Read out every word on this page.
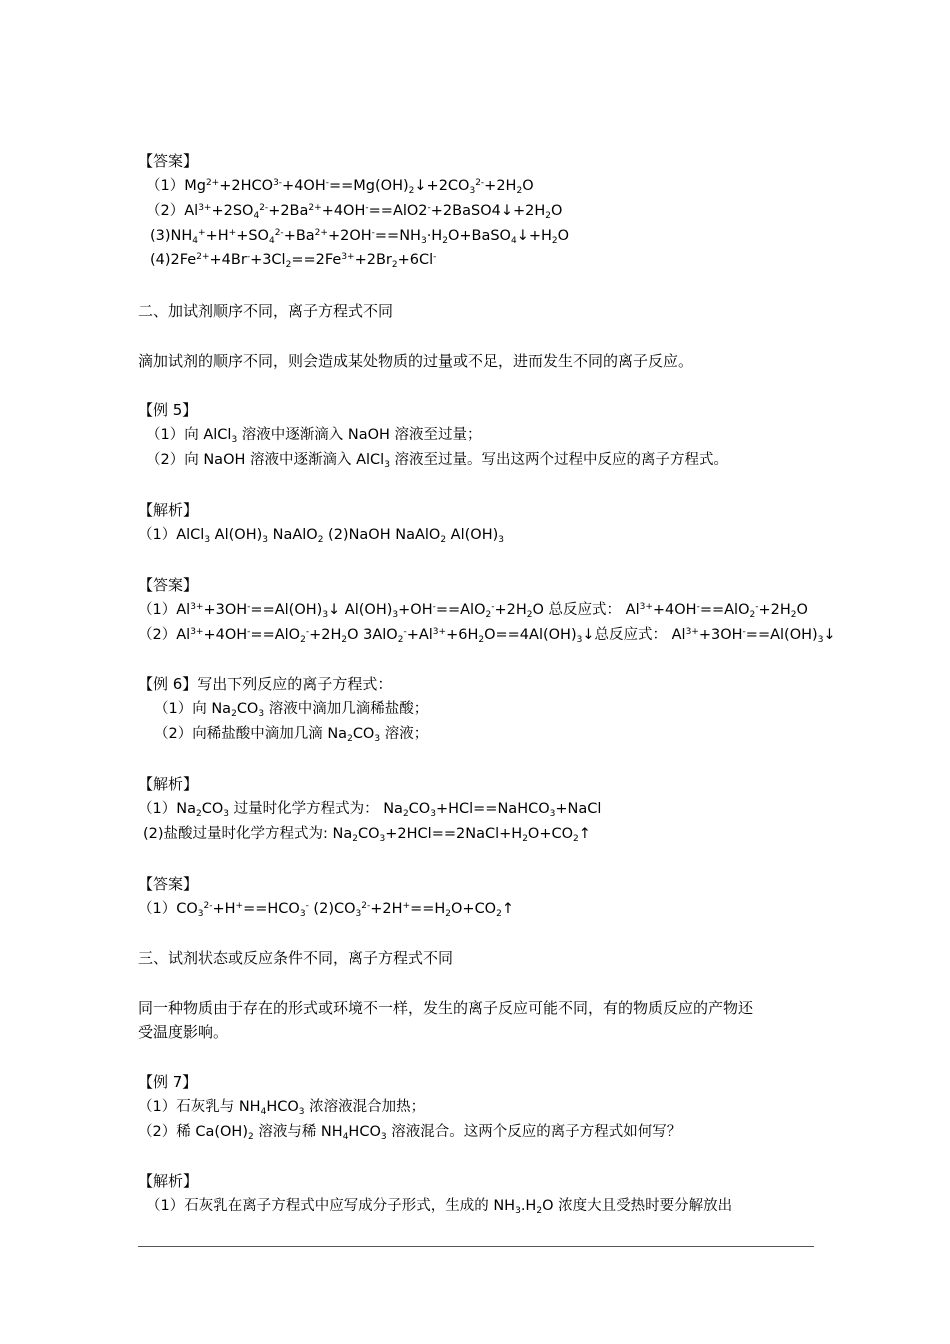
【答案】
$(1)Mg^{2+}+2HCO^{3-}+4OH^-==Mg(OH)_2↓+2CO_3^{2-}+2H_2O$
$(2)Al^{3+}+2SO_4^{2-}+2Ba^{2+}+4OH^-==AlO2^-+2BaSO4↓+2H_2O$
$(3)NH_4^++H^++SO_4^{2-}+Ba^{2+}+2OH^-==NH_3\cdot H_2O+BaSO_4↓+H_2O$
$(4)2Fe^{2+}+4Br^-+3Cl_2==2Fe^{3+}+2Br_2+6Cl^-$
二、加试剂顺序不同，离子方程式不同
滴加试剂的顺序不同，则会造成某处物质的过量或不足，进而发生不同的离子反应。
【例 5】
（1）向 AlCl$_3$ 溶液中逐渐滴入 NaOH 溶液至过量；
（2）向 NaOH 溶液中逐渐滴入 AlCl$_3$ 溶液至过量。写出这两个过程中反应的离子方程式。
【解析】
（1）AlCl$_3$ $Al(OH)_3$ NaAlO$_2$ (2)NaOH NaAlO$_2$ $Al(OH)_3$
【答案】
$(1)Al^{3+}+3OH^-==Al(OH)_3↓$ $Al(OH)_3+OH^-==AlO_2^-+2H_2O$ 总反应式： $Al^{3+}+4OH^-==AlO_2^-+2H_2O$
$(2)Al^{3+}+4OH^-==AlO_2^-+2H_2O$ $3AlO_2^-+Al^{3+}+6H_2O==4Al(OH)_3↓$总反应式： $Al^{3+}+3OH^-==Al(OH)_3↓$
【例 6】写出下列反应的离子方程式：
（1）向 $Na_2CO_3$ 溶液中滴加几滴稀盐酸；
（2）向稀盐酸中滴加几滴 $Na_2CO_3$ 溶液；
【解析】
$(1)Na_2CO_3$ 过量时化学方程式为： $Na_2CO_3+HCl==NaHCO_3+NaCl$
(2)盐酸过量时化学方程式为: $Na_2CO_3+2HCl==2NaCl+H_2O+CO_2↑$
【答案】
$(1)CO_3^{2-}+H^+==HCO_3^-$ $(2)CO_3^{2-}+2H^+==H_2O+CO_2↑$
三、试剂状态或反应条件不同，离子方程式不同
同一种物质由于存在的形式或环境不一样，发生的离子反应可能不同，有的物质反应的产物还
受温度影响。
【例 7】
（1）石灰乳与 $NH_4HCO_3$ 浓溶液混合加热；
（2）稀 $Ca(OH)_2$ 溶液与稀 $NH_4HCO_3$ 溶液混合。这两个反应的离子方程式如何写？
【解析】
（1）石灰乳在离子方程式中应写成分子形式，生成的 $NH_3.H_2O$ 浓度大且受热时要分解放出
